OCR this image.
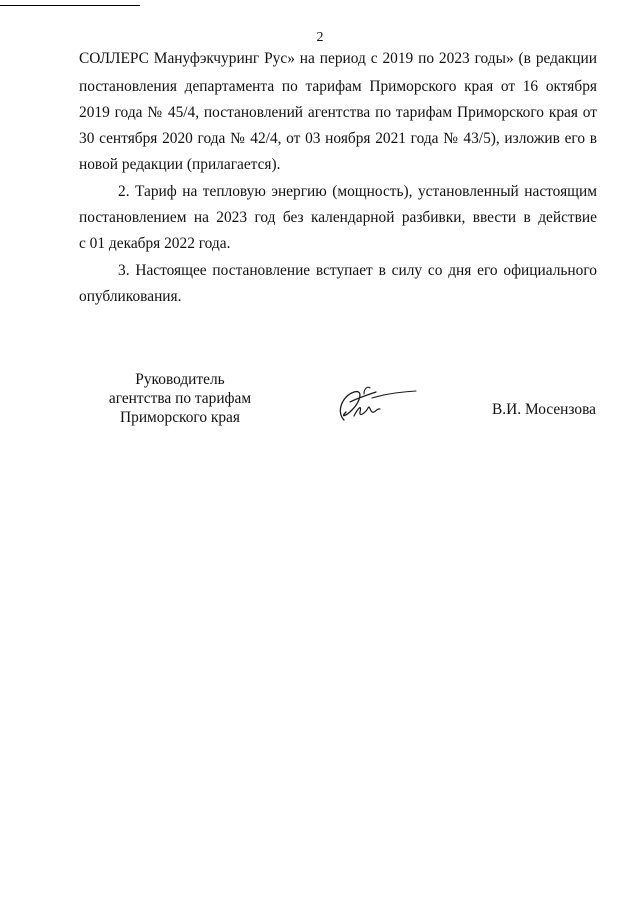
2
СОЛЛЕРС Мануфэкчуринг Рус» на период с 2019 по 2023 годы» (в редакции
постановления департамента по тарифам Приморского края от 16 октября
2019 года № 45/4, постановлений агентства по тарифам Приморского края от
30 сентября 2020 года № 42/4, от 03 ноября 2021 года № 43/5), изложив его в
новой редакции (прилагается).
2. Тариф на тепловую энергию (мощность), установленный настоящим
постановлением на 2023 год без календарной разбивки, ввести в действие
с 01 декабря 2022 года.
3. Настоящее постановление вступает в силу со дня его официального
опубликования.
Руководитель
агентства по тарифам
Приморского края	В.И. Мосензова
